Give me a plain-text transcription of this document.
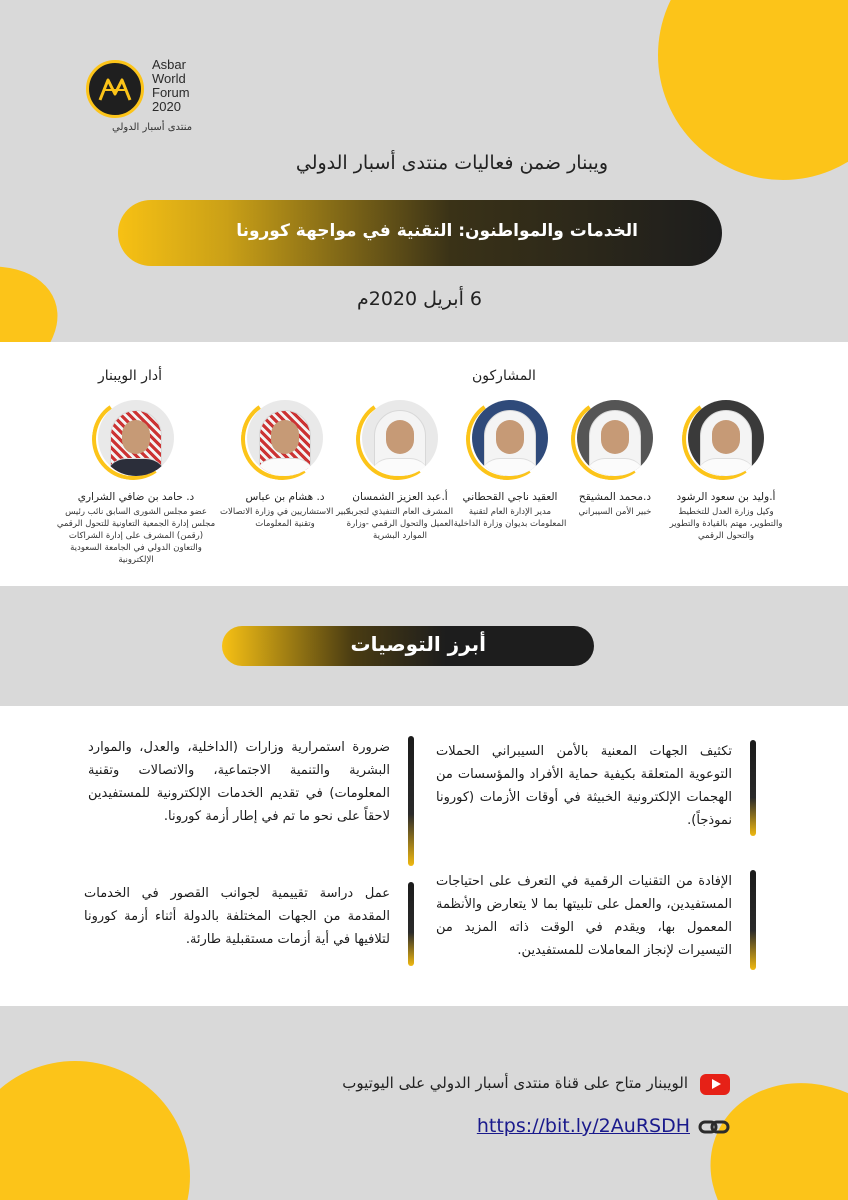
Asbar
World
Forum
2020
منتدى أسبار الدولي
ويبنار ضمن فعاليات منتدى أسبار الدولي
الخدمات والمواطنون: التقنية في مواجهة كورونا
6 أبريل 2020م
أدار الويبنار	المشاركون
د. حامد بن ضافي الشراري
عضو مجلس الشورى السابق نائب رئيس مجلس إدارة الجمعية التعاونية للتحول الرقمي (رقمن) المشرف على إدارة الشراكات والتعاون الدولي في الجامعة السعودية الإلكترونية
د. هشام بن عباس
كبير الاستشاريين في وزارة الاتصالات وتقنية المعلومات
أ.عبد العزيز الشمسان
المشرف العام التنفيذي لتجربة العميل والتحول الرقمي -وزارة الموارد البشرية
العقيد ناجي القحطاني
مدير الإدارة العام لتقنية المعلومات بديوان وزارة الداخلية
د.محمد المشيقح
خبير الأمن السيبراني
أ.وليد بن سعود الرشود
وكيل وزارة العدل للتخطيط والتطوير، مهتم بالقيادة والتطوير والتحول الرقمي
أبرز التوصيات

تكثيف الجهات المعنية بالأمن السيبراني الحملات التوعوية المتعلقة بكيفية حماية الأفراد والمؤسسات من الهجمات الإلكترونية الخبيثة في أوقات الأزمات (كورونا نموذجاً).

ضرورة استمرارية وزارات (الداخلية، والعدل، والموارد البشرية والتنمية الاجتماعية، والاتصالات وتقنية المعلومات) في تقديم الخدمات الإلكترونية للمستفيدين لاحقاً على نحو ما تم في إطار أزمة كورونا.

الإفادة من التقنيات الرقمية في التعرف على احتياجات المستفيدين، والعمل على تلبيتها بما لا يتعارض والأنظمة المعمول بها، ويقدم في الوقت ذاته المزيد من التيسيرات لإنجاز المعاملات للمستفيدين.

عمل دراسة تقييمية لجوانب القصور في الخدمات المقدمة من الجهات المختلفة بالدولة أثناء أزمة كورونا لتلافيها في أية أزمات مستقبلية طارئة.

الويبنار متاح على قناة منتدى أسبار الدولي على اليوتيوب
https://bit.ly/2AuRSDH
